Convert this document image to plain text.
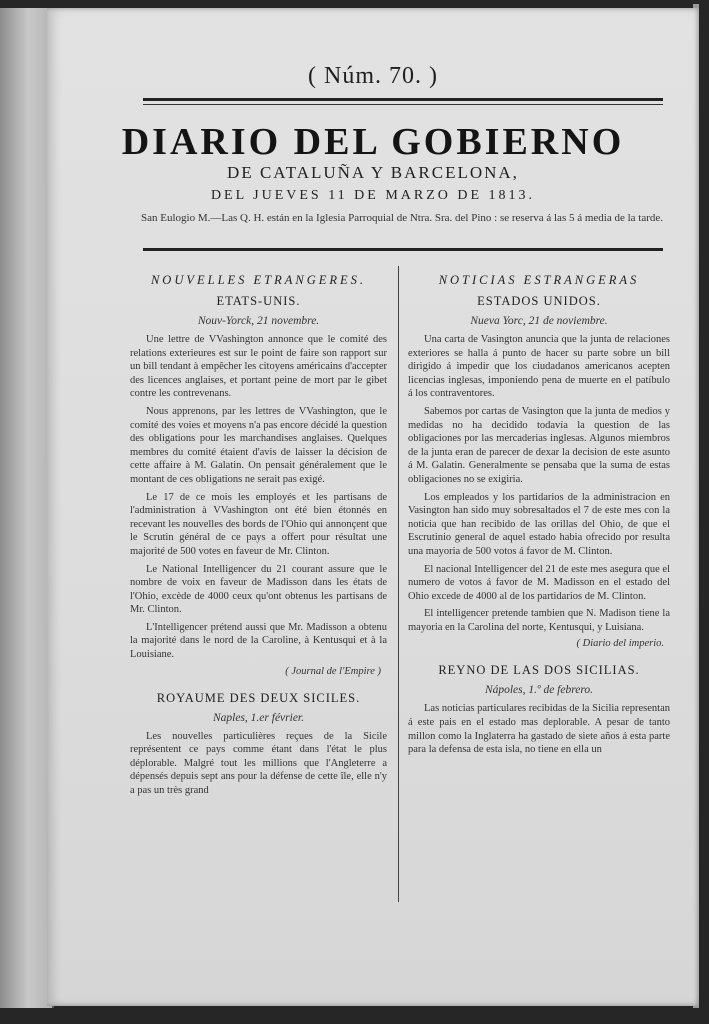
( Núm. 70. )
DIARIO DEL GOBIERNO
DE CATALUÑA Y BARCELONA,
DEL JUEVES 11 DE MARZO DE 1813.
San Eulogio M.—Las Q. H. están en la Iglesia Parroquial de Ntra. Sra. del Pino : se reserva á las 5 á media de la tarde.
NOUVELLES ETRANGERES.
ETATS-UNIS.
Nouv-Yorck, 21 novembre.

Une lettre de VVashington annonce que le comité des relations exterieures est sur le point de faire son rapport sur un bill tendant à empêcher les citoyens américains d'accepter des licences anglaises, et portant peine de mort par le gibet contre les contrevenans.

Nous apprenons, par les lettres de VVashington, que le comité des voies et moyens n'a pas encore décidé la question des obligations pour les marchandises anglaises. Quelques membres du comité étaient d'avis de laisser la décision de cette affaire à M. Galatin. On pensait généralement que le montant de ces obligations ne serait pas exigé.

Le 17 de ce mois les employés et les partisans de l'administration à VVashington ont été bien étonnés en recevant les nouvelles des bords de l'Ohio qui annonçent que le Scrutin général de ce pays a offert pour résultat une majorité de 500 votes en faveur de Mr. Clinton.

Le National Intelligencer du 21 courant assure que le nombre de voix en faveur de Madisson dans les états de l'Ohio, excède de 4000 ceux qu'ont obtenus les partisans de Mr. Clinton.

L'Intelligencer prétend aussi que Mr. Madisson a obtenu la majorité dans le nord de la Caroline, à Kentusqui et à la Louisiane.

( Journal de l'Empire )
ROYAUME DES DEUX SICILES.
Naples, 1.er février.

Les nouvelles particulières reçues de la Sicile représentent ce pays comme étant dans l'état le plus déplorable. Malgré tout les millions que l'Angleterre a dépensés depuis sept ans pour la défense de cette île, elle n'y a pas un très grand

NOTICIAS ESTRANGERAS
ESTADOS UNIDOS.
Nueva Yorc, 21 de noviembre.

Una carta de Vasington anuncia que la junta de relaciones exteriores se halla á punto de hacer su parte sobre un bill dirigido á impedir que los ciudadanos americanos acepten licencias inglesas, imponiendo pena de muerte en el patíbulo á los contraventores.

Sabemos por cartas de Vasington que la junta de medios y medidas no ha decidido todavía la question de las obligaciones por las mercaderias inglesas. Algunos miembros de la junta eran de parecer de dexar la decision de este asunto á M. Galatin. Generalmente se pensaba que la suma de estas obligaciones no se exigiria.

Los empleados y los partidarios de la administracion en Vasington han sido muy sobresaltados el 7 de este mes con la noticia que han recibido de las orillas del Ohio, de que el Escrutinio general de aquel estado habia ofrecido por resulta una mayoria de 500 votos á favor de M. Clinton.

El nacional Intelligencer del 21 de este mes asegura que el numero de votos á favor de M. Madisson en el estado del Ohio excede de 4000 al de los partidarios de M. Clinton.

El intelligencer pretende tambien que N. Madison tiene la mayoria en la Carolina del norte, Kentusqui, y Luisiana.

( Diario del imperio.
REYNO DE LAS DOS SICILIAS.
Nápoles, 1.º de febrero.

Las noticias particulares recibidas de la Sicilia representan á este pais en el estado mas deplorable. A pesar de tanto millon como la Inglaterra ha gastado de siete años á esta parte para la defensa de esta isla, no tiene en ella un
